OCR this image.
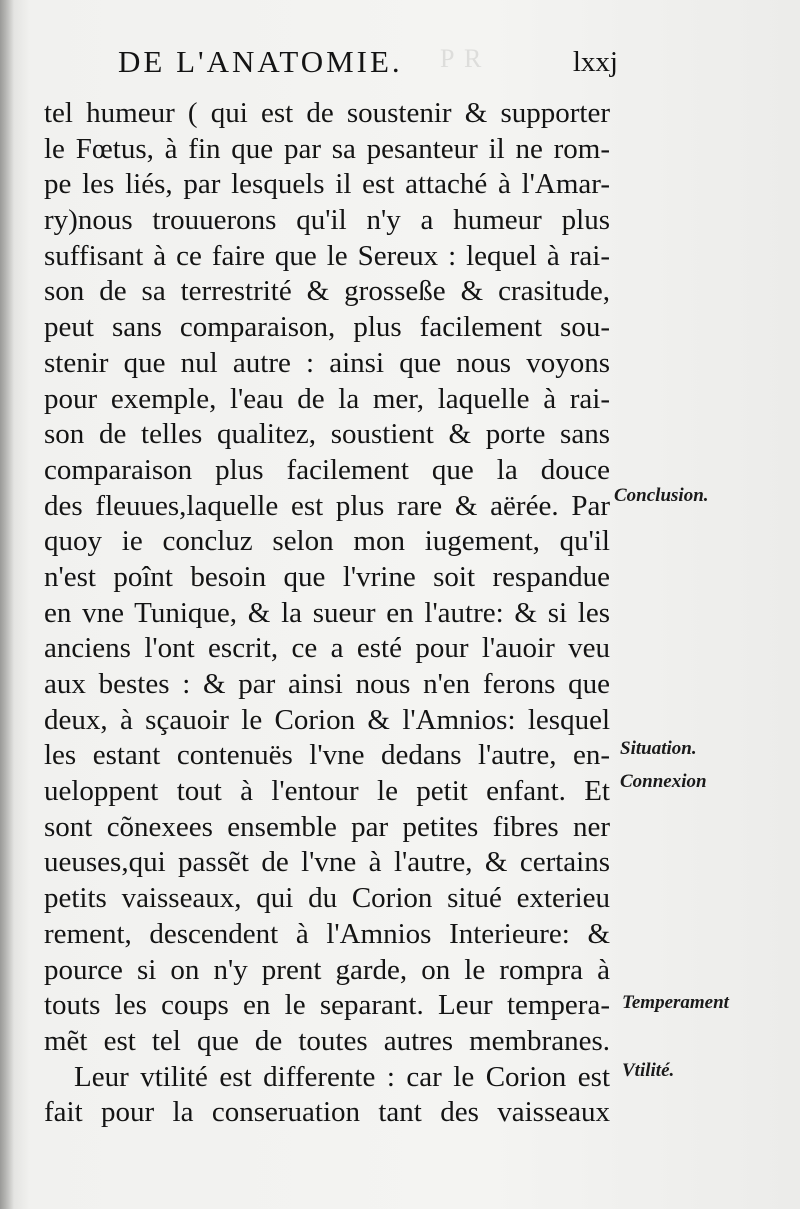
P R
DE L'ANATOMIE.	lxxj
tel humeur ( qui est de soustenir & supporter
le Fœtus, à fin que par sa pesanteur il ne rom-
pe les liés, par lesquels il est attaché à l'Amar-
ry)nous trouuerons qu'il n'y a humeur plus
suffisant à ce faire que le Sereux : lequel à rai-
son de sa terrestrité & grosseße & crasitude,
peut sans comparaison, plus facilement sou-
stenir que nul autre : ainsi que nous voyons
pour exemple, l'eau de la mer, laquelle à rai-
son de telles qualitez, soustient & porte sans
comparaison plus facilement que la douce
des fleuues,laquelle est plus rare & aërée. Par
quoy ie concluz selon mon iugement, qu'il
n'est poînt besoin que l'vrine soit respandue
en vne Tunique, & la sueur en l'autre: & si les
anciens l'ont escrit, ce a esté pour l'auoir veu
aux bestes : & par ainsi nous n'en ferons que
deux, à sçauoir le Corion & l'Amnios: lesquel
les estant contenuës l'vne dedans l'autre, en-
ueloppent tout à l'entour le petit enfant. Et
sont cõnexees ensemble par petites fibres ner
ueuses,qui passẽt de l'vne à l'autre, & certains
petits vaisseaux, qui du Corion situé exterieu
rement, descendent à l'Amnios Interieure: &
pource si on n'y prent garde, on le rompra à
touts les coups en le separant. Leur tempera-
mẽt est tel que de toutes autres membranes.
Leur vtilité est differente : car le Corion est
fait pour la conseruation tant des vaisseaux
Conclusion.
Situation.
Connexion
Temperament
Vtilité.
